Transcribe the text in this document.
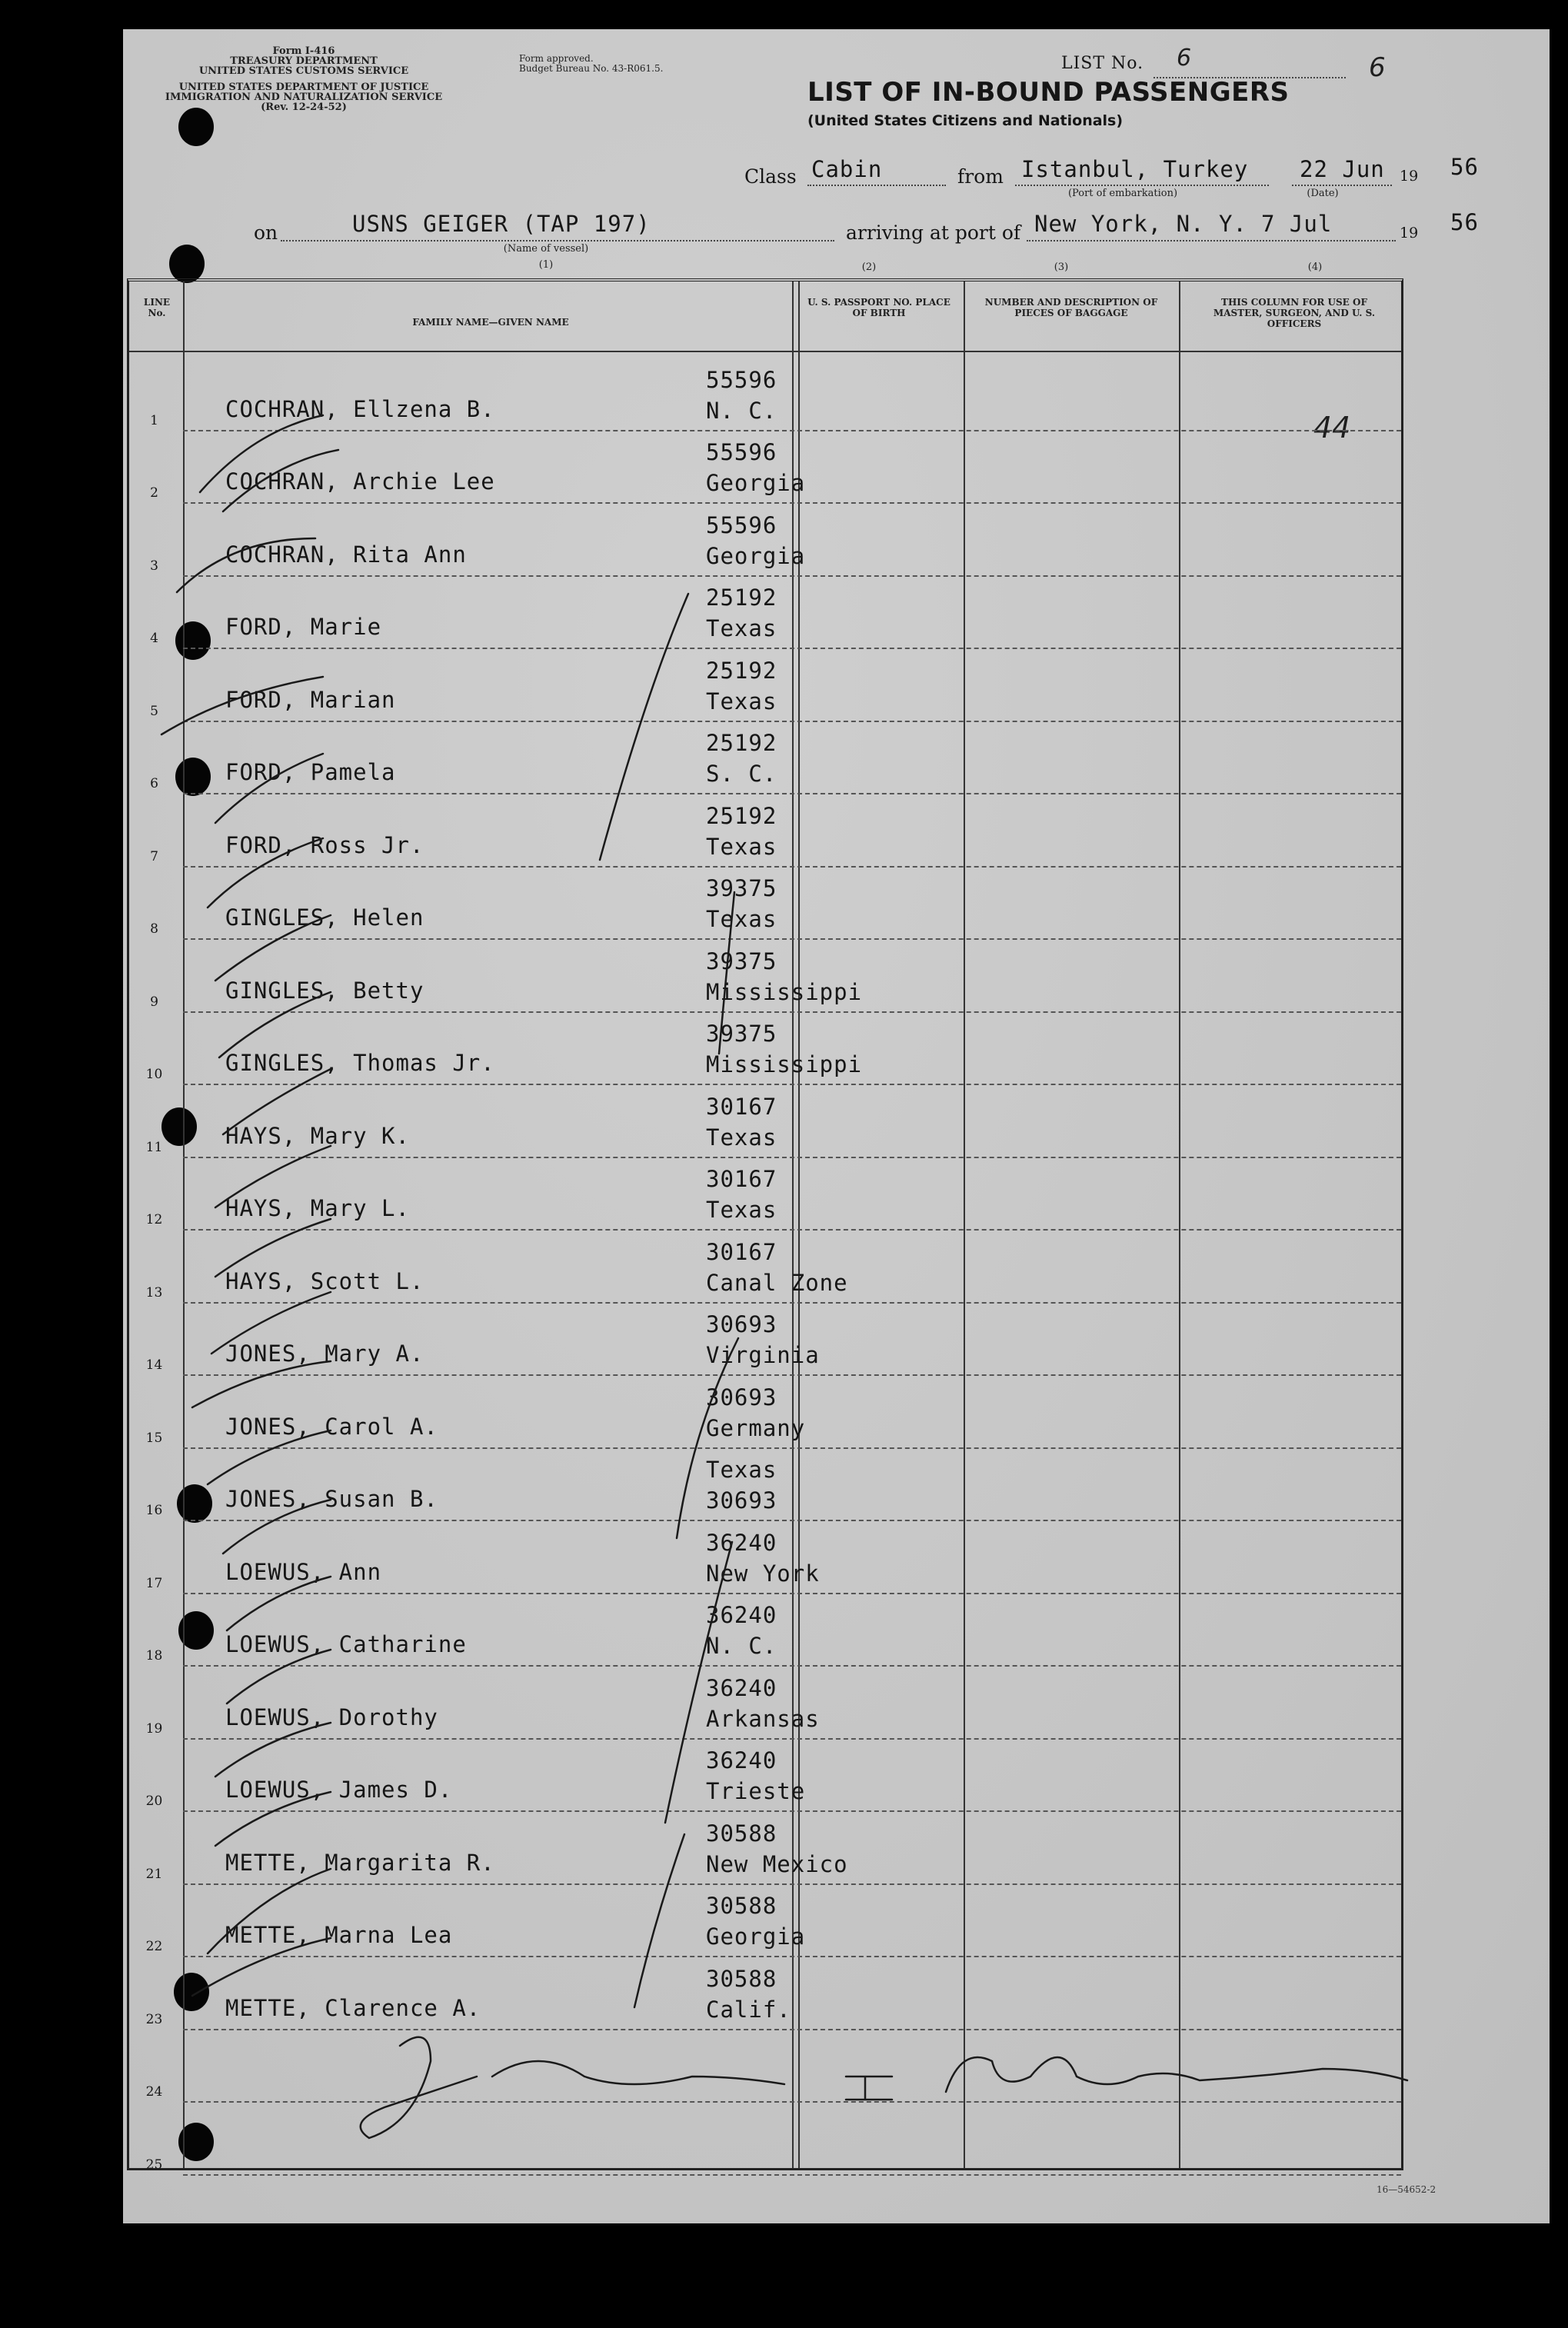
Form I-416
TREASURY DEPARTMENT
UNITED STATES CUSTOMS SERVICE
UNITED STATES DEPARTMENT OF JUSTICE
IMMIGRATION AND NATURALIZATION SERVICE
(Rev. 12-24-52)
Form approved.
Budget Bureau No. 43-R061.5.	LIST No. 6	6
LIST OF IN-BOUND PASSENGERS
(United States Citizens and Nationals)
Class Cabin	from Istanbul, Turkey
(Port of embarkation)
22 Jun
(Date)
19 56
on	USNS GEIGER (TAP 197)
(Name of vessel)
(1)
arriving at port of New York, N. Y. 7 Jul	19 56
(2)	(3)	(4)
LINE No.
FAMILY NAME—GIVEN NAME
U. S. PASSPORT NO. PLACE OF BIRTH
NUMBER AND DESCRIPTION OF PIECES OF BAGGAGE
THIS COLUMN FOR USE OF MASTER, SURGEON, AND U. S. OFFICERS
44
1	COCHRAN, Ellzena B.
55596
N. C.
2	COCHRAN, Archie Lee
55596
Georgia
3	COCHRAN, Rita Ann
55596
Georgia
4	FORD, Marie
25192
Texas
5	FORD, Marian
25192
Texas
6	FORD, Pamela
25192
S. C.
7	FORD, Ross Jr.
25192
Texas
8	GINGLES, Helen
39375
Texas
9	GINGLES, Betty
39375
Mississippi
10	GINGLES, Thomas Jr.
39375
Mississippi
11	HAYS, Mary K.
30167
Texas
12	HAYS, Mary L.
30167
Texas
13	HAYS, Scott L.
30167
Canal Zone
14	JONES, Mary A.
30693
Virginia
15	JONES, Carol A.
30693
Germany
16	JONES, Susan B.
Texas
30693
17	LOEWUS, Ann
36240
New York
18	LOEWUS, Catharine
36240
N. C.
19	LOEWUS, Dorothy
36240
Arkansas
20	LOEWUS, James D.
36240
Trieste
21	METTE, Margarita R.
30588
New Mexico
22	METTE, Marna Lea
30588
Georgia
23	METTE, Clarence A.
30588
Calif.
24
25
16—54652-2
